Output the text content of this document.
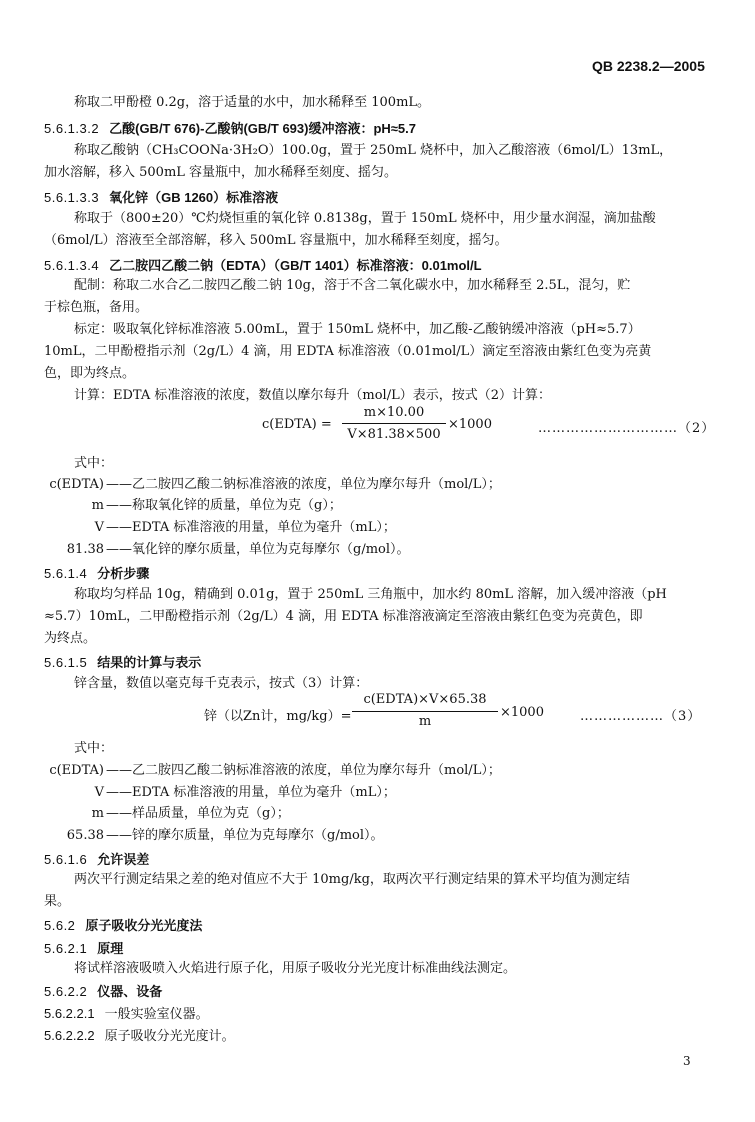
QB 2238.2—2005
称取二甲酚橙 0.2g，溶于适量的水中，加水稀释至 100mL。
5.6.1.3.2 乙酸(GB/T 676)-乙酸钠(GB/T 693)缓冲溶液：pH≈5.7
称取乙酸钠（CH₃COONa·3H₂O）100.0g，置于 250mL 烧杯中，加入乙酸溶液（6mol/L）13mL，
加水溶解，移入 500mL 容量瓶中，加水稀释至刻度、摇匀。
5.6.1.3.3 氧化锌（GB 1260）标准溶液
称取于（800±20）℃灼烧恒重的氧化锌 0.8138g，置于 150mL 烧杯中，用少量水润湿，滴加盐酸
（6mol/L）溶液至全部溶解，移入 500mL 容量瓶中，加水稀释至刻度，摇匀。
5.6.1.3.4 乙二胺四乙酸二钠（EDTA）（GB/T 1401）标准溶液：0.01mol/L
配制：称取二水合乙二胺四乙酸二钠 10g，溶于不含二氧化碳水中，加水稀释至 2.5L，混匀，贮
于棕色瓶，备用。
标定：吸取氧化锌标准溶液 5.00mL，置于 150mL 烧杯中，加乙酸-乙酸钠缓冲溶液（pH≈5.7）
10mL，二甲酚橙指示剂（2g/L）4 滴，用 EDTA 标准溶液（0.01mol/L）滴定至溶液由紫红色变为亮黄
色，即为终点。
计算：EDTA 标准溶液的浓度，数值以摩尔每升（mol/L）表示，按式（2）计算：
c(EDTA) =
m×10.00
V×81.38×500
×1000	…………………………（2）
式中：
c(EDTA) ——乙二胺四乙酸二钠标准溶液的浓度，单位为摩尔每升（mol/L）；
m ——称取氧化锌的质量，单位为克（g）；
V ——EDTA 标准溶液的用量，单位为毫升（mL）；
81.38 ——氧化锌的摩尔质量，单位为克每摩尔（g/mol）。
5.6.1.4 分析步骤
称取均匀样品 10g，精确到 0.01g，置于 250mL 三角瓶中，加水约 80mL 溶解，加入缓冲溶液（pH
≈5.7）10mL，二甲酚橙指示剂（2g/L）4 滴，用 EDTA 标准溶液滴定至溶液由紫红色变为亮黄色，即
为终点。
5.6.1.5 结果的计算与表示
锌含量，数值以毫克每千克表示，按式（3）计算：
锌（以Zn计，mg/kg）=
c(EDTA)×V×65.38
m
×1000	………………（3）
式中：
c(EDTA) ——乙二胺四乙酸二钠标准溶液的浓度，单位为摩尔每升（mol/L）；
V ——EDTA 标准溶液的用量，单位为毫升（mL）；
m ——样品质量，单位为克（g）；
65.38 ——锌的摩尔质量，单位为克每摩尔（g/mol）。
5.6.1.6 允许误差
两次平行测定结果之差的绝对值应不大于 10mg/kg，取两次平行测定结果的算术平均值为测定结
果。
5.6.2 原子吸收分光光度法
5.6.2.1 原理
将试样溶液吸喷入火焰进行原子化，用原子吸收分光光度计标准曲线法测定。
5.6.2.2 仪器、设备
5.6.2.2.1 一般实验室仪器。
5.6.2.2.2 原子吸收分光光度计。
3
